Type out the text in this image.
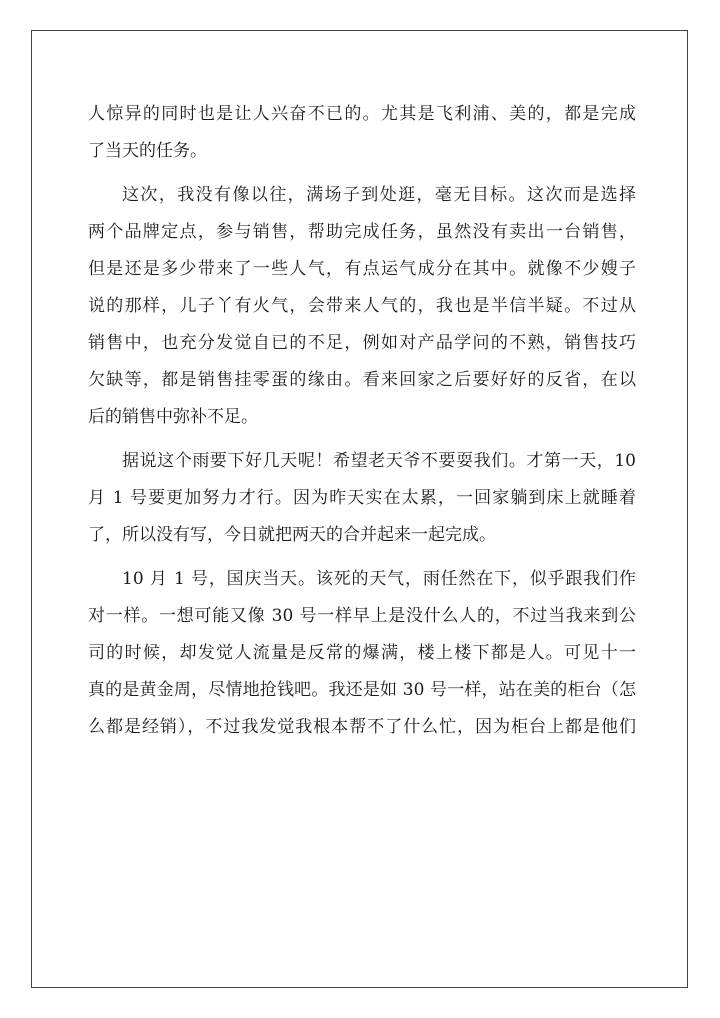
人惊异的同时也是让人兴奋不已的。尤其是飞利浦、美的，都是完成
了当天的任务。
这次，我没有像以往，满场子到处逛，毫无目标。这次而是选择
两个品牌定点，参与销售，帮助完成任务，虽然没有卖出一台销售，
但是还是多少带来了一些人气，有点运气成分在其中。就像不少嫂子
说的那样，儿子丫有火气，会带来人气的，我也是半信半疑。不过从
销售中，也充分发觉自已的不足，例如对产品学问的不熟，销售技巧
欠缺等，都是销售挂零蛋的缘由。看来回家之后要好好的反省，在以
后的销售中弥补不足。
据说这个雨要下好几天呢！希望老天爷不要耍我们。才第一天，10
月 1 号要更加努力才行。因为昨天实在太累，一回家躺到床上就睡着
了，所以没有写，今日就把两天的合并起来一起完成。
10 月 1 号，国庆当天。该死的天气，雨任然在下，似乎跟我们作
对一样。一想可能又像 30 号一样早上是没什么人的，不过当我来到公
司的时候，却发觉人流量是反常的爆满，楼上楼下都是人。可见十一
真的是黄金周，尽情地抢钱吧。我还是如 30 号一样，站在美的柜台（怎
么都是经销），不过我发觉我根本帮不了什么忙，因为柜台上都是他们
